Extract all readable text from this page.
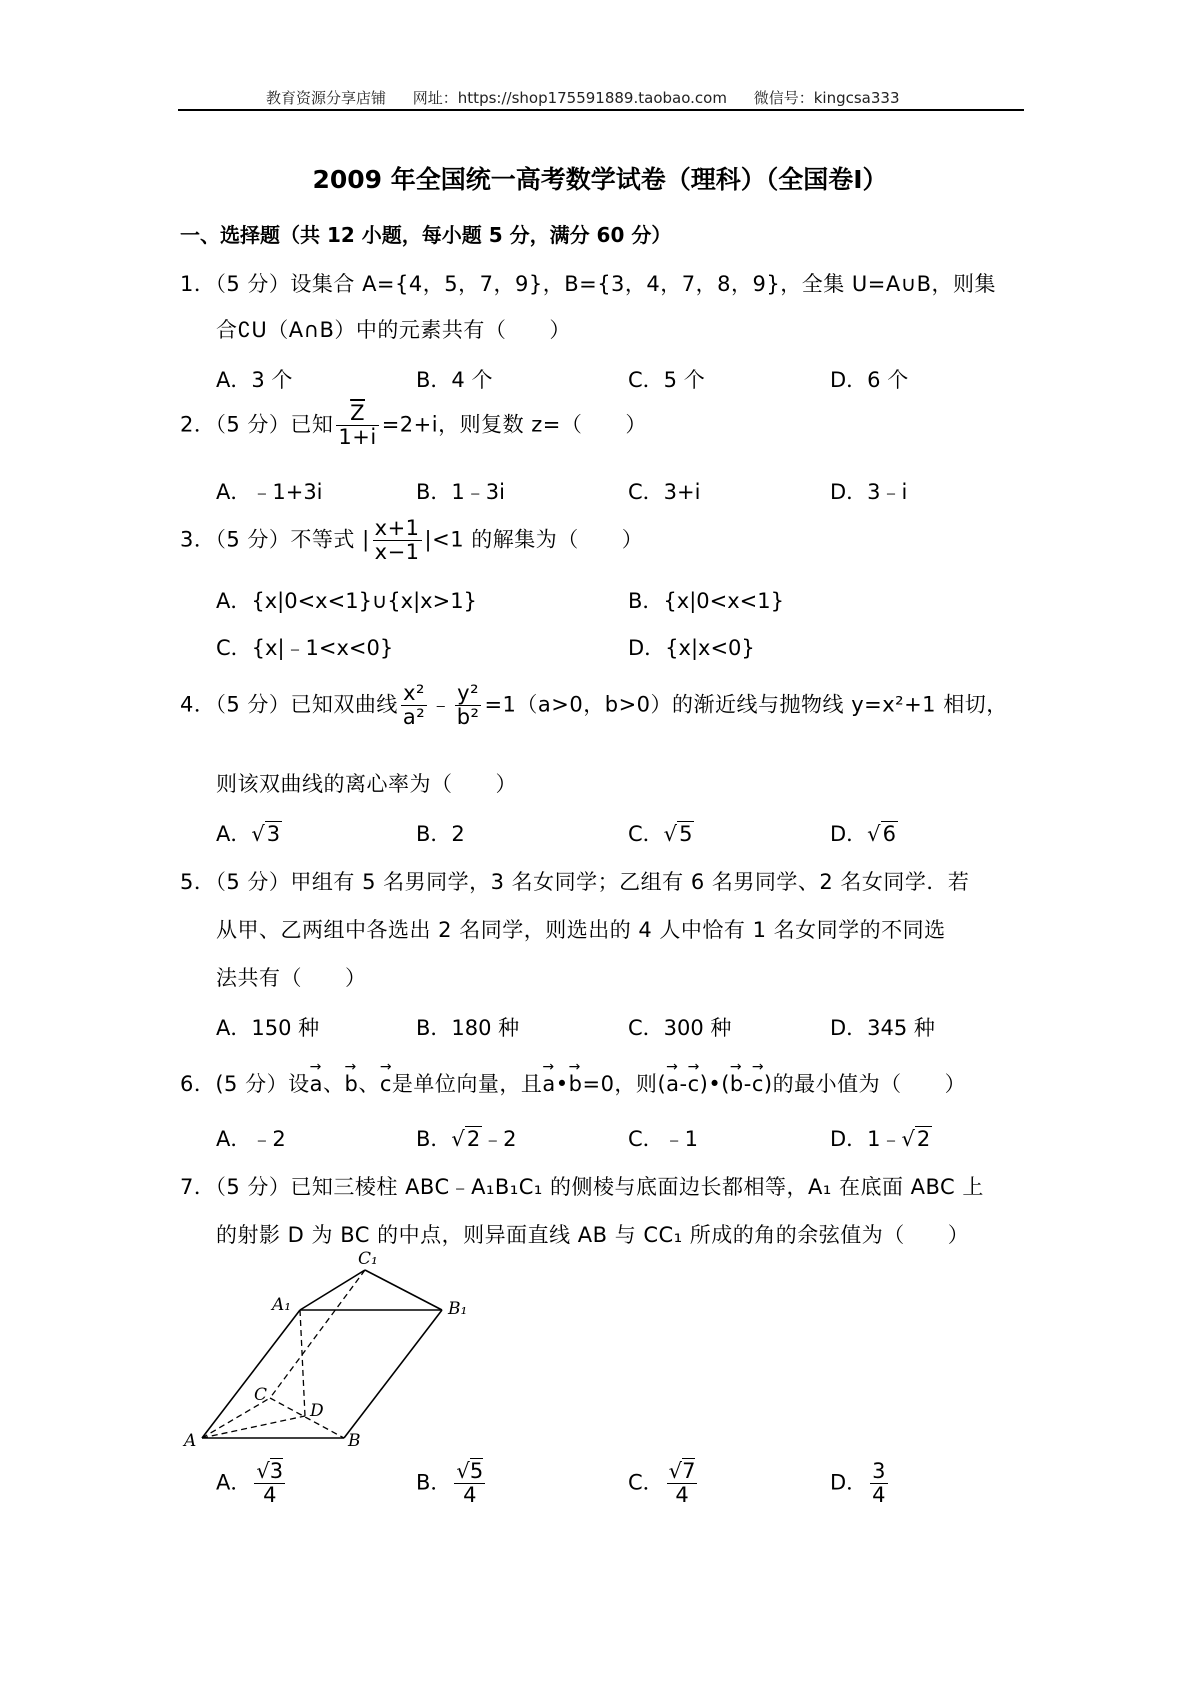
教育资源分享店铺 网址：https://shop175591889.taobao.com 微信号：kingcsa333
2009 年全国统一高考数学试卷（理科）（全国卷Ⅰ）
一、选择题（共 12 小题，每小题 5 分，满分 60 分）
1．（5 分）设集合 A={4，5，7，9}，B={3，4，7，8，9}，全集 U=A∪B，则集
合∁U（A∩B）中的元素共有（　　）
A．3 个	B．4 个	C．5 个	D．6 个
2．（5 分）已知 $\frac{\overline{Z}}{1+i} =2+i$，则复数 z=（　　）
A．﹣1+3i	B．1﹣3i	C．3+i	D．3﹣i
3．（5 分）不等式 | $\frac{x+1}{x-1} |<1$ 的解集为（　　）
A．{x|0<x<1}∪{x|x>1}	B．{x|0<x<1}
C．{x|﹣1<x<0}	D．{x|x<0}
4．（5 分）已知双曲线 $\frac{\text{x²}}{\text{a²}}$ ﹣ $\frac{\text{y²}}{\text{b²}} =1(a>0$，b>0）的渐近线与抛物线 y=x²+1 相切，
则该双曲线的离心率为（　　）
A．√3	B．2	C．√5	D．√6
5．（5 分）甲组有 5 名男同学，3 名女同学；乙组有 6 名男同学、2 名女同学．若
从甲、乙两组中各选出 2 名同学，则选出的 4 人中恰有 1 名女同学的不同选
法共有（　　）
A．150 种	B．180 种	C．300 种	D．345 种
6．(5 分）设→ a、→ b、→ c是单位向量，且→ a•→ b=0，则(→ a-→ c)•(→ b-→ c)的最小值为（　　）
A．﹣2	B．√2﹣2	C．﹣1	D．1﹣√2
7．（5 分）已知三棱柱 ABC﹣A₁B₁C₁ 的侧棱与底面边长都相等，A₁ 在底面 ABC 上
的射影 D 为 BC 的中点，则异面直线 AB 与 CC₁ 所成的角的余弦值为（　　）
C₁
A₁	B₁
C
D
A	B
A． $\frac{√3}{4}$	B． $\frac{√5}{4}$	C． $\frac{√7}{4}$	D． $\frac{3}{4}$
